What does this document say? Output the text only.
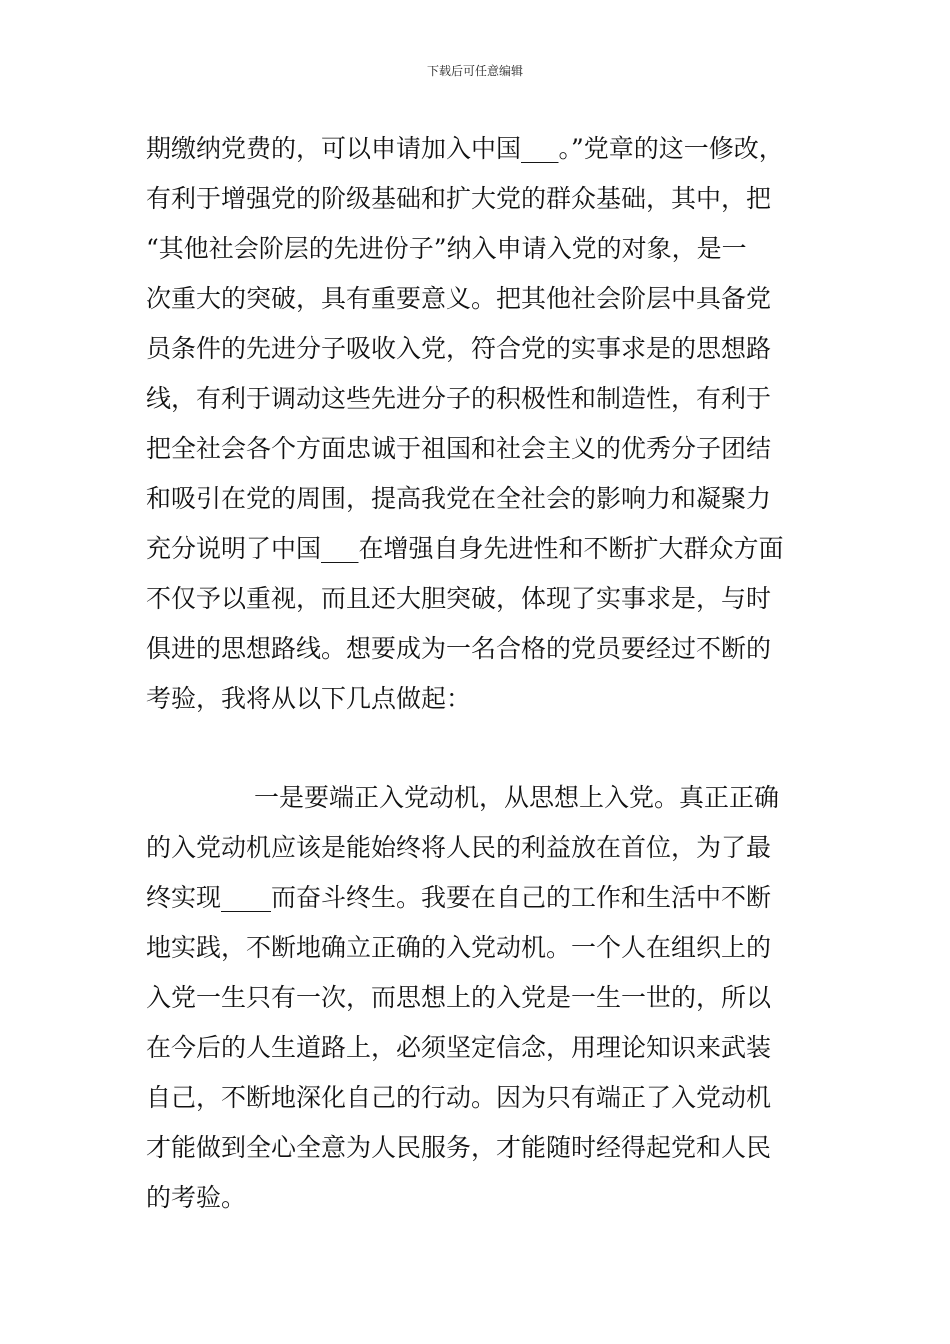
下载后可任意编辑
期缴纳党费的，可以申请加入中国___。”党章的这一修改，
有利于增强党的阶级基础和扩大党的群众基础，其中，把
“其他社会阶层的先进份子”纳入申请入党的对象，是一
次重大的突破，具有重要意义。把其他社会阶层中具备党
员条件的先进分子吸收入党，符合党的实事求是的思想路
线，有利于调动这些先进分子的积极性和制造性，有利于
把全社会各个方面忠诚于祖国和社会主义的优秀分子团结
和吸引在党的周围，提高我党在全社会的影响力和凝聚力
充分说明了中国___在增强自身先进性和不断扩大群众方面
不仅予以重视，而且还大胆突破，体现了实事求是，与时
俱进的思想路线。想要成为一名合格的党员要经过不断的
考验，我将从以下几点做起：
一是要端正入党动机，从思想上入党。真正正确
的入党动机应该是能始终将人民的利益放在首位，为了最
终实现____而奋斗终生。我要在自己的工作和生活中不断
地实践，不断地确立正确的入党动机。一个人在组织上的
入党一生只有一次，而思想上的入党是一生一世的，所以
在今后的人生道路上，必须坚定信念，用理论知识来武装
自己，不断地深化自己的行动。因为只有端正了入党动机
才能做到全心全意为人民服务，才能随时经得起党和人民
的考验。
